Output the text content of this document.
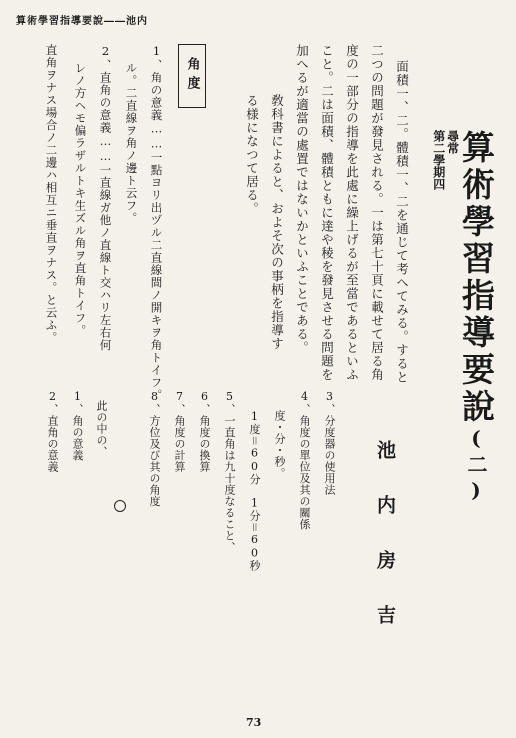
算術學習指導要說――池内
尋常
第二學期四 算術學習指導要說(二)
池内房吉
面積一、二。體積一、二を通じて考へてみる。すると
二つの問題が發見される。一は第七十頁に載せて居る角
度の一部分の指導を此處に繰上げるが至當であるといふ
こと。二は面積、體積ともに達や稜を發見させる問題を
加へるが適當の處置ではないかといふことである。
敎科書によると、およそ次の事柄を指導す
る様になつて居る。
3、分度器の使用法
4、角度の單位及其の關係
度・分・秒。
1度＝60分　1分＝60秒
5、一直角は九十度なること、
6、角度の換算
7、角度の計算
8、方位及び其の角度
此の中の、
1、角の意義
2、直角の意義
角度
1、角の意義……一點ヨリ出ヅル二直線間ノ開キヲ角トイフ。
ル。二直線ヲ角ノ邊ト云フ。
2、直角の意義……一直線ガ他ノ直線ト交ハリ左右何
レノ方ヘモ偏ラザルトキ生ズル角ヲ直角トイフ。
直角ヲナス場合ノ二邊ハ相互ニ垂直ヲナス。と云ふ。
73
